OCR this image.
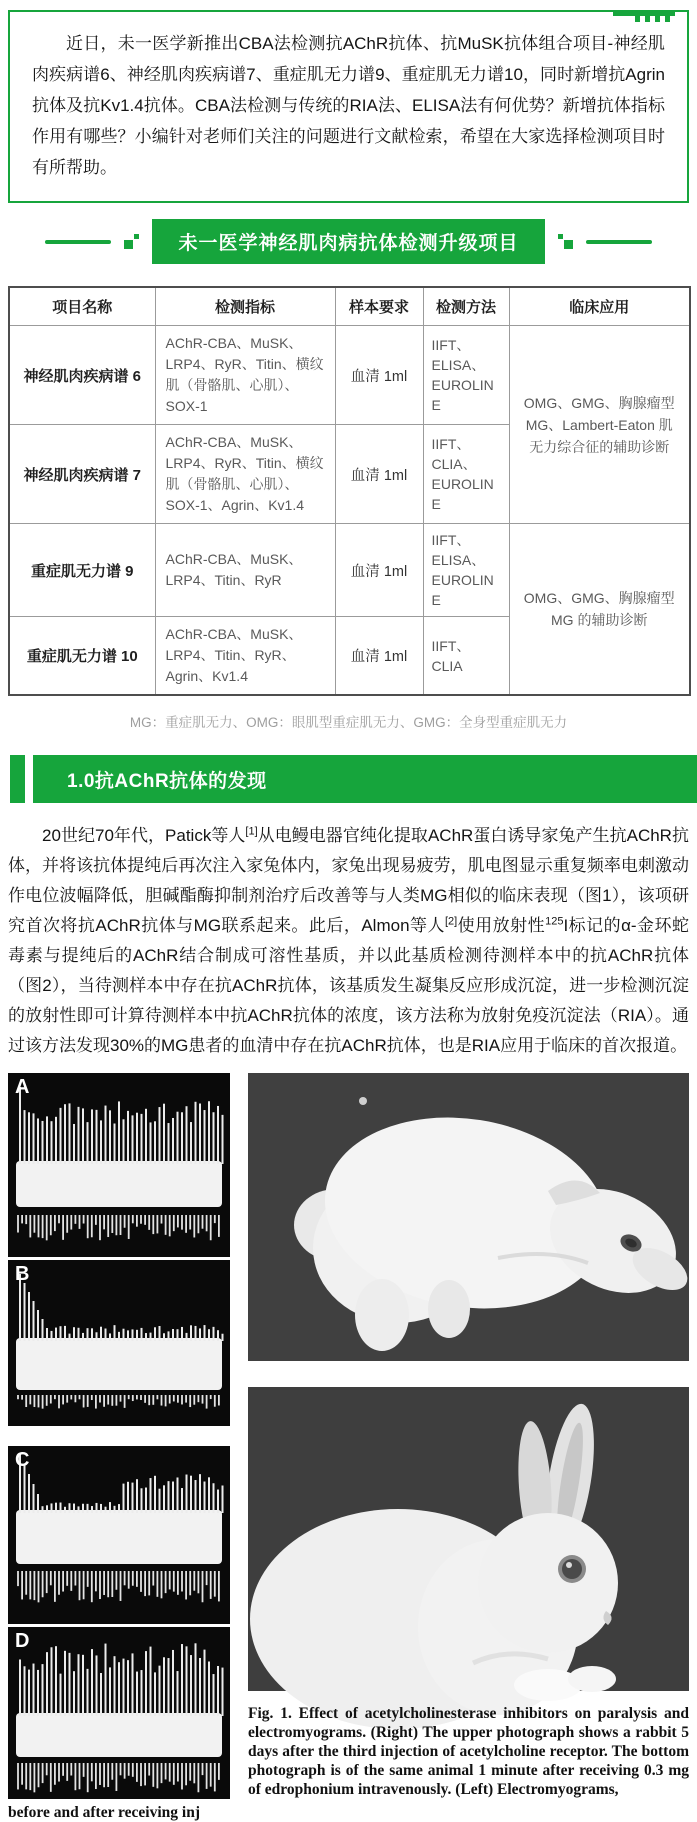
近日，未一医学新推出CBA法检测抗AChR抗体、抗MuSK抗体组合项目-神经肌肉疾病谱6、神经肌肉疾病谱7、重症肌无力谱9、重症肌无力谱10，同时新增抗Agrin抗体及抗Kv1.4抗体。CBA法检测与传统的RIA法、ELISA法有何优势？新增抗体指标作用有哪些？小编针对老师们关注的问题进行文献检索，希望在大家选择检测项目时有所帮助。

未一医学神经肌肉病抗体检测升级项目
项目名称	检测指标	样本要求	检测方法	临床应用
神经肌肉疾病谱 6	AChR-CBA、MuSK、LRP4、RyR、Titin、横纹肌（骨骼肌、心肌）、SOX-1	血清 1ml	IIFT、ELISA、EUROLINE	OMG、GMG、胸腺瘤型 MG、Lambert-Eaton 肌无力综合征的辅助诊断
神经肌肉疾病谱 7	AChR-CBA、MuSK、LRP4、RyR、Titin、横纹肌（骨骼肌、心肌）、SOX-1、Agrin、Kv1.4	血清 1ml	IIFT、CLIA、EUROLINE	
重症肌无力谱 9	AChR-CBA、MuSK、LRP4、Titin、RyR	血清 1ml	IIFT、ELISA、EUROLINE	OMG、GMG、胸腺瘤型 MG 的辅助诊断
重症肌无力谱 10	AChR-CBA、MuSK、LRP4、Titin、RyR、Agrin、Kv1.4	血清 1ml	IIFT、CLIA	
MG：重症肌无力、OMG：眼肌型重症肌无力、GMG：全身型重症肌无力
1.0抗AChR抗体的发现

20世纪70年代，Patick等人[1]从电鳗电器官纯化提取AChR蛋白诱导家兔产生抗AChR抗体，并将该抗体提纯后再次注入家兔体内，家兔出现易疲劳，肌电图显示重复频率电刺激动作电位波幅降低，胆碱酯酶抑制剂治疗后改善等与人类MG相似的临床表现（图1），该项研究首次将抗AChR抗体与MG联系起来。此后，Almon等人[2]使用放射性$^{125}$I标记的α-金环蛇毒素与提纯后的AChR结合制成可溶性基质，并以此基质检测待测样本中的抗AChR抗体（图2），当待测样本中存在抗AChR抗体，该基质发生凝集反应形成沉淀，进一步检测沉淀的放射性即可计算待测样本中抗AChR抗体的浓度，该方法称为放射免疫沉淀法（RIA）。通过该方法发现30%的MG患者的血清中存在抗AChR抗体，也是RIA应用于临床的首次报道。

A
B
C
D
before and after receiving inj
Fig. 1. Effect of acetylcholinesterase inhibitors on paralysis and electromyograms. (Right) The upper photograph shows a rabbit 5 days after the third injection of acetylcholine receptor. The bottom photograph is of the same animal 1 minute after receiving 0.3 mg of edrophonium intravenously. (Left) Electromyograms,
